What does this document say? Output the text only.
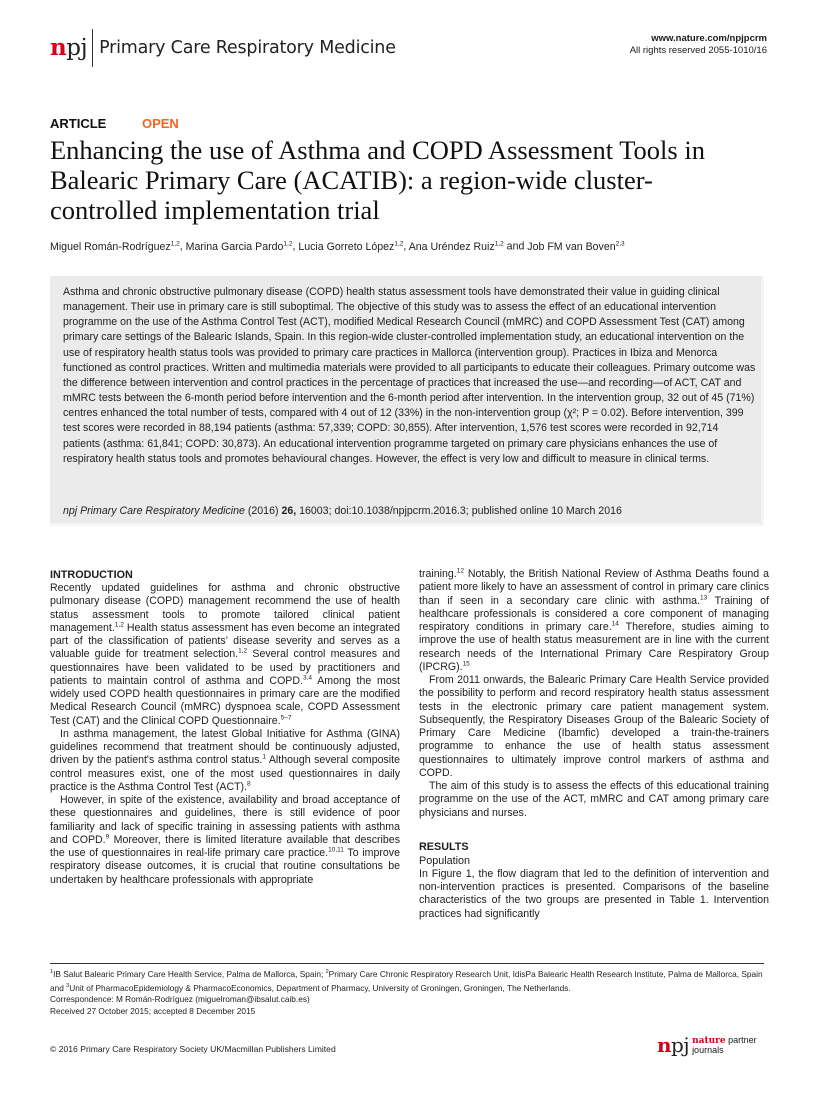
npj Primary Care Respiratory Medicine	www.nature.com/npjpcrm
All rights reserved 2055-1010/16
ARTICLE	OPEN
Enhancing the use of Asthma and COPD Assessment Tools in Balearic Primary Care (ACATIB): a region-wide cluster-controlled implementation trial
Miguel Román-Rodríguez$^{1,2}$, Marina Garcia Pardo$^{1,2}$, Lucia Gorreto López$^{1,2}$, Ana Uréndez Ruiz$^{1,2}$ and Job FM van Boven$^{2,3}$
Asthma and chronic obstructive pulmonary disease (COPD) health status assessment tools have demonstrated their value in guiding clinical management. Their use in primary care is still suboptimal. The objective of this study was to assess the effect of an educational intervention programme on the use of the Asthma Control Test (ACT), modified Medical Research Council (mMRC) and COPD Assessment Test (CAT) among primary care settings of the Balearic Islands, Spain. In this region-wide cluster-controlled implementation study, an educational intervention on the use of respiratory health status tools was provided to primary care practices in Mallorca (intervention group). Practices in Ibiza and Menorca functioned as control practices. Written and multimedia materials were provided to all participants to educate their colleagues. Primary outcome was the difference between intervention and control practices in the percentage of practices that increased the use—and recording—of ACT, CAT and mMRC tests between the 6-month period before intervention and the 6-month period after intervention. In the intervention group, 32 out of 45 (71%) centres enhanced the total number of tests, compared with 4 out of 12 (33%) in the non-intervention group (χ²; P = 0.02). Before intervention, 399 test scores were recorded in 88,194 patients (asthma: 57,339; COPD: 30,855). After intervention, 1,576 test scores were recorded in 92,714 patients (asthma: 61,841; COPD: 30,873). An educational intervention programme targeted on primary care physicians enhances the use of respiratory health status tools and promotes behavioural changes. However, the effect is very low and difficult to measure in clinical terms.
npj Primary Care Respiratory Medicine (2016) 26, 16003; doi:10.1038/npjpcrm.2016.3; published online 10 March 2016

INTRODUCTION

Recently updated guidelines for asthma and chronic obstructive pulmonary disease (COPD) management recommend the use of health status assessment tools to promote tailored clinical patient management.$^{1,2}$ Health status assessment has even become an integrated part of the classification of patients’ disease severity and serves as a valuable guide for treatment selection.$^{1,2}$ Several control measures and questionnaires have been validated to be used by practitioners and patients to maintain control of asthma and COPD.$^{3,4}$ Among the most widely used COPD health questionnaires in primary care are the modified Medical Research Council (mMRC) dyspnoea scale, COPD Assessment Test (CAT) and the Clinical COPD Questionnaire.$^{5-7}$

In asthma management, the latest Global Initiative for Asthma (GINA) guidelines recommend that treatment should be continuously adjusted, driven by the patient's asthma control status.$^1$ Although several composite control measures exist, one of the most used questionnaires in daily practice is the Asthma Control Test (ACT).$^8$

However, in spite of the existence, availability and broad acceptance of these questionnaires and guidelines, there is still evidence of poor familiarity and lack of specific training in assessing patients with asthma and COPD.$^9$ Moreover, there is limited literature available that describes the use of questionnaires in real-life primary care practice.$^{10,11}$ To improve respiratory disease outcomes, it is crucial that routine consultations be undertaken by healthcare professionals with appropriate

training.$^{12}$ Notably, the British National Review of Asthma Deaths found a patient more likely to have an assessment of control in primary care clinics than if seen in a secondary care clinic with asthma.$^{13}$ Training of healthcare professionals is considered a core component of managing respiratory conditions in primary care.$^{14}$ Therefore, studies aiming to improve the use of health status measurement are in line with the current research needs of the International Primary Care Respiratory Group (IPCRG).$^{15}$

From 2011 onwards, the Balearic Primary Care Health Service provided the possibility to perform and record respiratory health status assessment tests in the electronic primary care patient management system. Subsequently, the Respiratory Diseases Group of the Balearic Society of Primary Care Medicine (Ibamfic) developed a train-the-trainers programme to enhance the use of health status assessment questionnaires to ultimately improve control markers of asthma and COPD.

The aim of this study is to assess the effects of this educational training programme on the use of the ACT, mMRC and CAT among primary care physicians and nurses.

RESULTS

Population

In Figure 1, the flow diagram that led to the definition of intervention and non-intervention practices is presented. Comparisons of the baseline characteristics of the two groups are presented in Table 1. Intervention practices had significantly

$^1$IB Salut Balearic Primary Care Health Service, Palma de Mallorca, Spain; $^2$Primary Care Chronic Respiratory Research Unit, IdisPa Balearic Health Research Institute, Palma de Mallorca, Spain and $^3$Unit of PharmacoEpidemiology & PharmacoEconomics, Department of Pharmacy, University of Groningen, Groningen, The Netherlands.

Correspondence: M Román-Rodríguez (miguelroman@ibsalut.caib.es)

Received 27 October 2015; accepted 8 December 2015

© 2016 Primary Care Respiratory Society UK/Macmillan Publishers Limited	npj nature partner
journals
